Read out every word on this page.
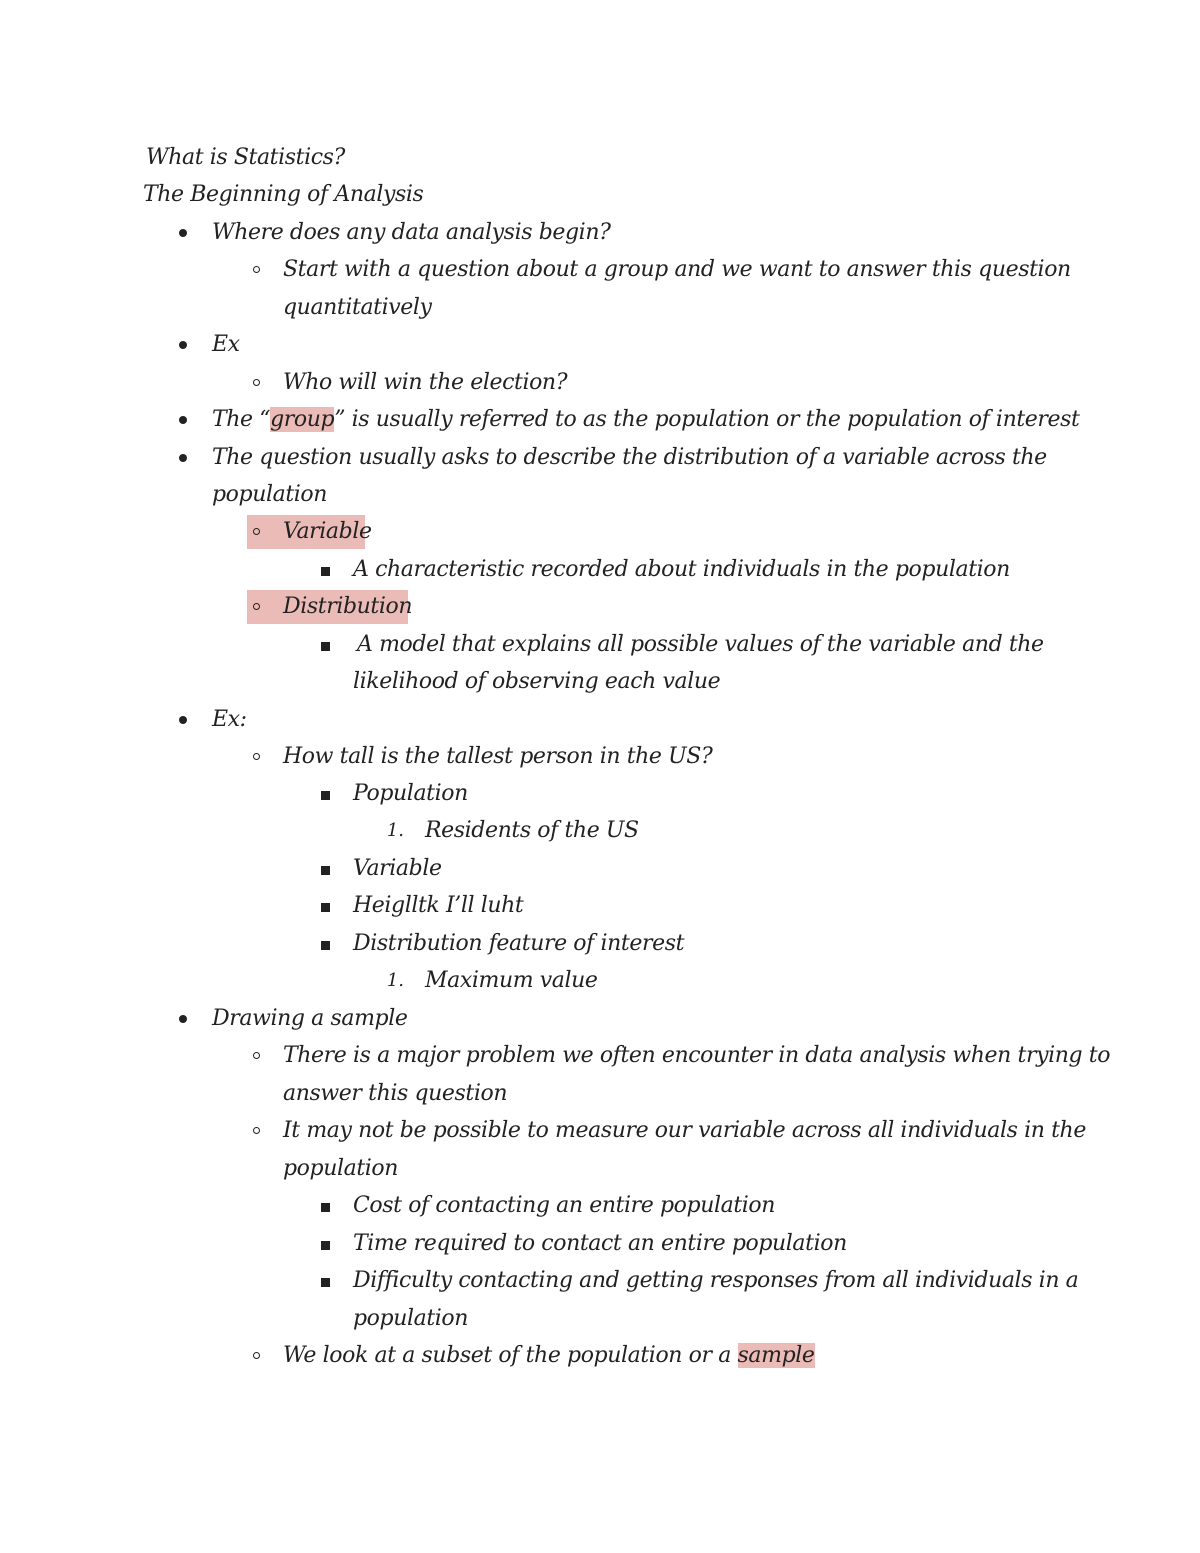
What is Statistics?
The Beginning of Analysis
Where does any data analysis begin?
Start with a question about a group and we want to answer this question
quantitatively
Ex
Who will win the election?
The “group” is usually referred to as the population or the population of interest
The question usually asks to describe the distribution of a variable across the
population
Variable
A characteristic recorded about individuals in the population
Distribution
A model that explains all possible values of the variable and the
likelihood of observing each value
Ex:
How tall is the tallest person in the US?
Population
1. Residents of the US
Variable
Heiglltk I’ll luht
Distribution feature of interest
1. Maximum value
Drawing a sample
There is a major problem we often encounter in data analysis when trying to
answer this question
It may not be possible to measure our variable across all individuals in the
population
Cost of contacting an entire population
Time required to contact an entire population
Difficulty contacting and getting responses from all individuals in a
population
We look at a subset of the population or a sample
